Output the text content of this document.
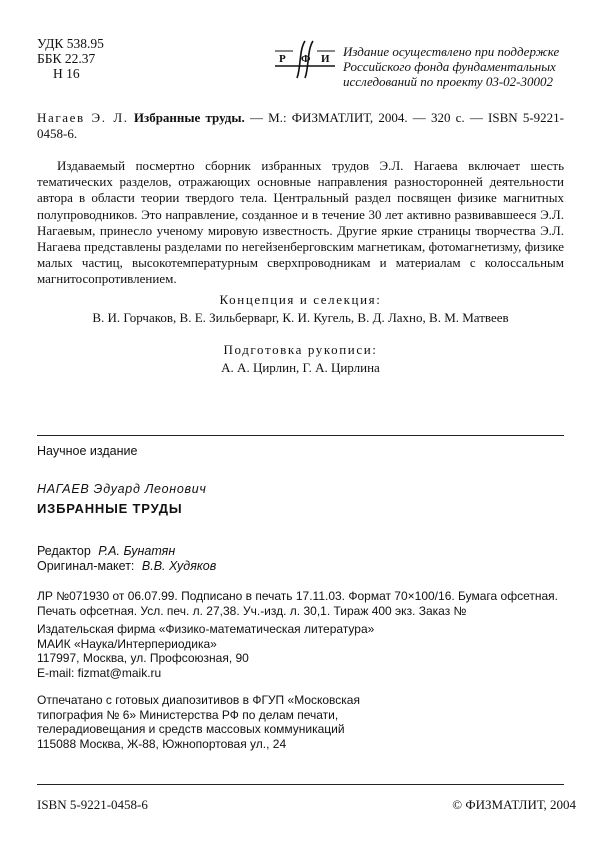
УДК 538.95
ББК 22.37
Н 16
Р Ф И Издание осуществлено при поддержке
Российского фонда фундаментальных
исследований по проекту 03-02-30002
Нагаев Э. Л. Избранные труды. — М.: ФИЗМАТЛИТ, 2004. — 320 с. — ISBN 5-9221-0458-6.
Издаваемый посмертно сборник избранных трудов Э.Л. Нагаева включает шесть тематических разделов, отражающих основные направления разносторонней деятельности автора в области теории твердого тела. Центральный раздел посвящен физике магнитных полупроводников. Это направление, созданное и в течение 30 лет активно развивавшееся Э.Л. Нагаевым, принесло ученому мировую известность. Другие яркие страницы творчества Э.Л. Нагаева представлены разделами по негейзенберговским магнетикам, фотомагнетизму, физике малых частиц, высокотемпературным сверхпроводникам и материалам с колоссальным магнитосопротивлением.
Концепция и селекция:
В. И. Горчаков, В. Е. Зильберварг, К. И. Кугель, В. Д. Лахно, В. М. Матвеев
Подготовка рукописи:
А. А. Цирлин, Г. А. Цирлина
Научное издание
НАГАЕВ Эдуард Леонович
ИЗБРАННЫЕ ТРУДЫ
Редактор Р.А. Бунатян
Оригинал-макет: В.В. Худяков
ЛР №071930 от 06.07.99. Подписано в печать 17.11.03. Формат 70×100/16. Бумага офсетная.
Печать офсетная. Усл. печ. л. 27,38. Уч.-изд. л. 30,1. Тираж 400 экз. Заказ №
Издательская фирма «Физико-математическая литература»
МАИК «Наука/Интерпериодика»
117997, Москва, ул. Профсоюзная, 90
E-mail: fizmat@maik.ru
Отпечатано с готовых диапозитивов в ФГУП «Московская
типография № 6» Министерства РФ по делам печати,
телерадиовещания и средств массовых коммуникаций
115088 Москва, Ж-88, Южнопортовая ул., 24
ISBN 5-9221-0458-6	© ФИЗМАТЛИТ, 2004
